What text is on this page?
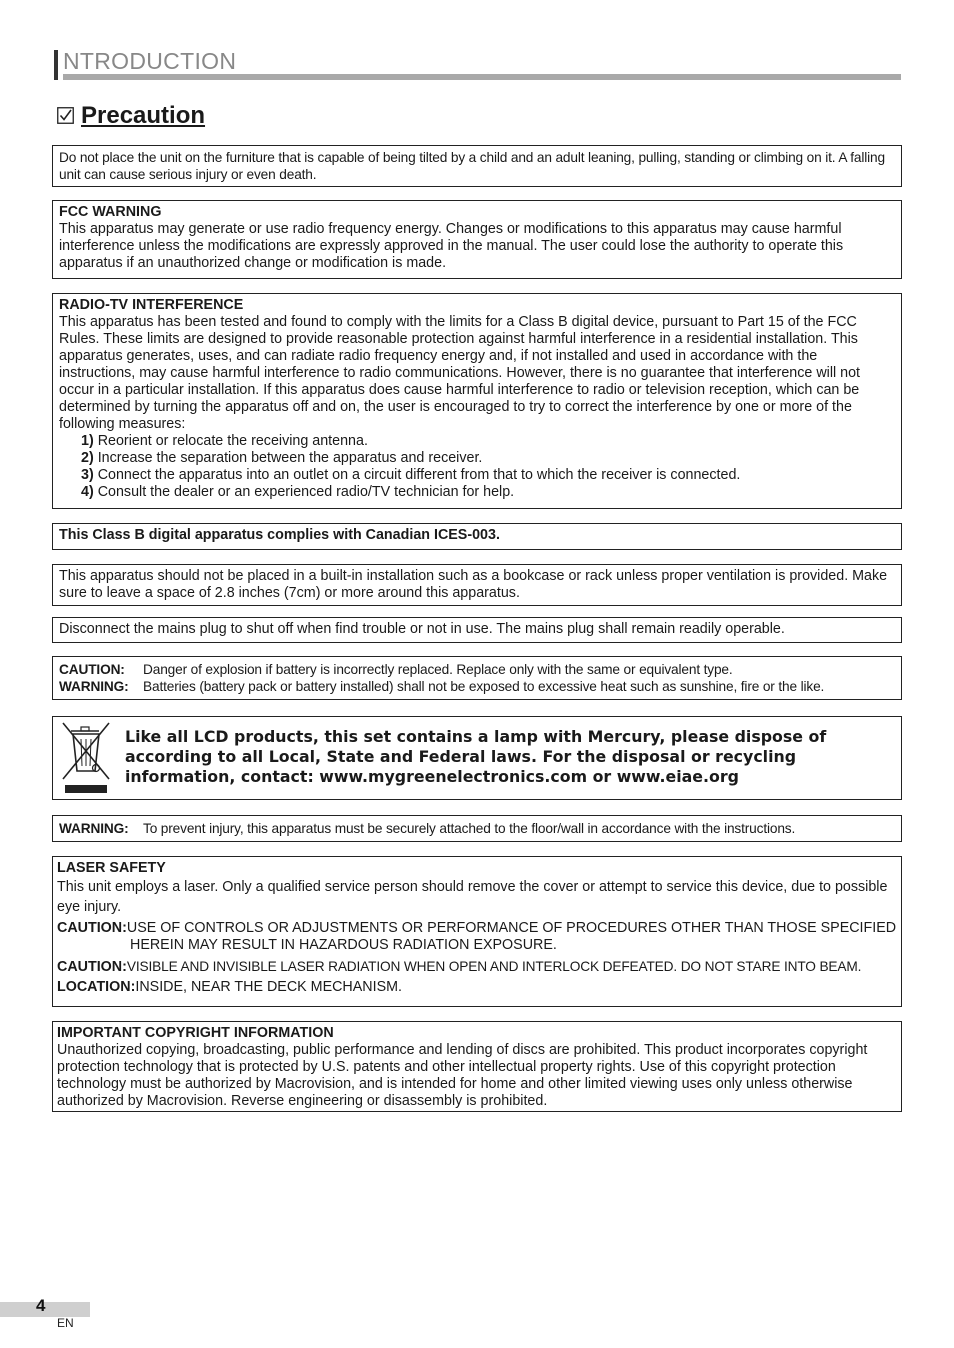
NTRODUCTION
Precaution

Do not place the unit on the furniture that is capable of being tilted by a child and an adult leaning, pulling, standing or climbing on it. A falling unit can cause serious injury or even death.

FCC WARNING

This apparatus may generate or use radio frequency energy. Changes or modifications to this apparatus may cause harmful interference unless the modifications are expressly approved in the manual. The user could lose the authority to operate this apparatus if an unauthorized change or modification is made.

RADIO-TV INTERFERENCE

This apparatus has been tested and found to comply with the limits for a Class B digital device, pursuant to Part 15 of the FCC Rules. These limits are designed to provide reasonable protection against harmful interference in a residential installation. This apparatus generates, uses, and can radiate radio frequency energy and, if not installed and used in accordance with the instructions, may cause harmful interference to radio communications. However, there is no guarantee that interference will not occur in a particular installation. If this apparatus does cause harmful interference to radio or television reception, which can be determined by turning the apparatus off and on, the user is encouraged to try to correct the interference by one or more of the following measures:

1) Reorient or relocate the receiving antenna.

2) Increase the separation between the apparatus and receiver.

3) Connect the apparatus into an outlet on a circuit different from that to which the receiver is connected.

4) Consult the dealer or an experienced radio/TV technician for help.

This Class B digital apparatus complies with Canadian ICES-003.

This apparatus should not be placed in a built-in installation such as a bookcase or rack unless proper ventilation is provided. Make sure to leave a space of 2.8 inches (7cm) or more around this apparatus.

Disconnect the mains plug to shut off when find trouble or not in use. The mains plug shall remain readily operable.

CAUTION:	Danger of explosion if battery is incorrectly replaced. Replace only with the same or equivalent type.
WARNING:	Batteries (battery pack or battery installed) shall not be exposed to excessive heat such as sunshine, fire or the like.

Like all LCD products, this set contains a lamp with Mercury, please dispose of according to all Local, State and Federal laws. For the disposal or recycling information, contact: www.mygreenelectronics.com or www.eiae.org

WARNING:	To prevent injury, this apparatus must be securely attached to the floor/wall in accordance with the instructions.

LASER SAFETY

This unit employs a laser. Only a qualified service person should remove the cover or attempt to service this device, due to possible eye injury.

CAUTION:USE OF CONTROLS OR ADJUSTMENTS OR PERFORMANCE OF PROCEDURES OTHER THAN THOSE SPECIFIED HEREIN MAY RESULT IN HAZARDOUS RADIATION EXPOSURE.

CAUTION:VISIBLE AND INVISIBLE LASER RADIATION WHEN OPEN AND INTERLOCK DEFEATED. DO NOT STARE INTO BEAM.

LOCATION:INSIDE, NEAR THE DECK MECHANISM.

IMPORTANT COPYRIGHT INFORMATION

Unauthorized copying, broadcasting, public performance and lending of discs are prohibited. This product incorporates copyright protection technology that is protected by U.S. patents and other intellectual property rights. Use of this copyright protection technology must be authorized by Macrovision, and is intended for home and other limited viewing uses only unless otherwise authorized by Macrovision. Reverse engineering or disassembly is prohibited.

4
EN
